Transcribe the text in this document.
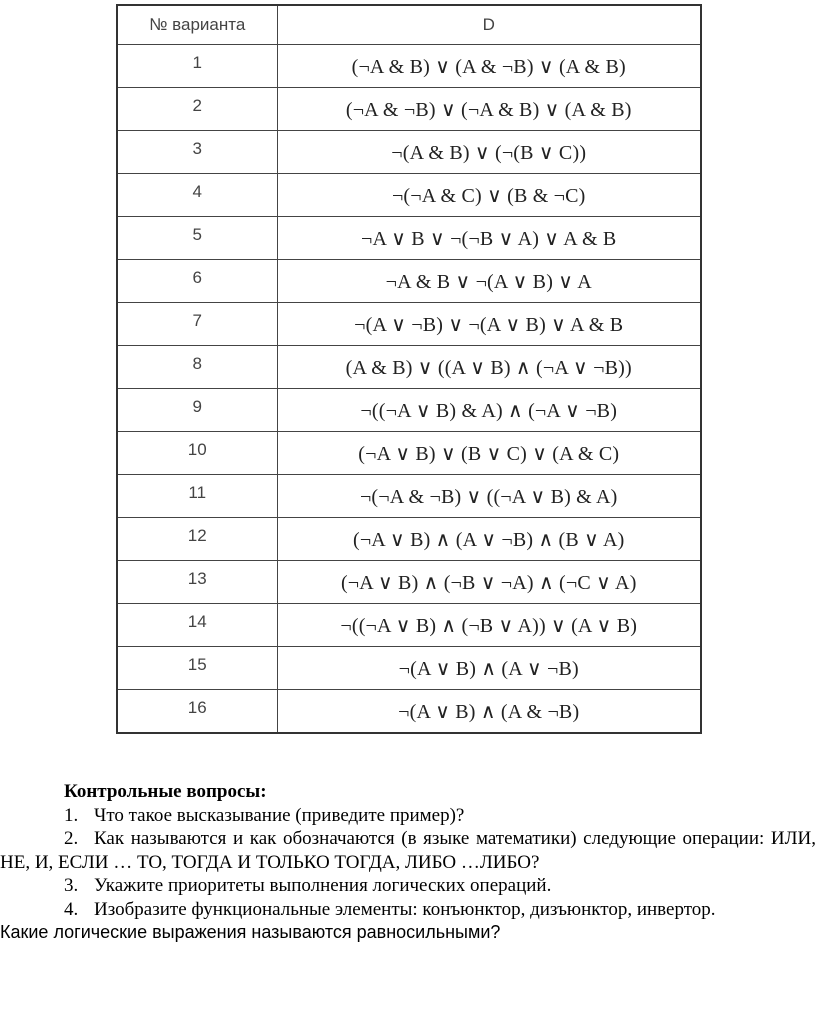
№ варианта	D
1	(¬A & B) ∨ (A & ¬B) ∨ (A & B)
2	(¬A & ¬B) ∨ (¬A & B) ∨ (A & B)
3	¬(A & B) ∨ (¬(B ∨ C))
4	¬(¬A & C) ∨ (B & ¬C)
5	¬A ∨ B ∨ ¬(¬B ∨ A) ∨ A & B
6	¬A & B ∨ ¬(A ∨ B) ∨ A
7	¬(A ∨ ¬B) ∨ ¬(A ∨ B) ∨ A & B
8	(A & B) ∨ ((A ∨ B) ∧ (¬A ∨ ¬B))
9	¬((¬A ∨ B) & A) ∧ (¬A ∨ ¬B)
10	(¬A ∨ B) ∨ (B ∨ C) ∨ (A & C)
11	¬(¬A & ¬B) ∨ ((¬A ∨ B) & A)
12	(¬A ∨ B) ∧ (A ∨ ¬B) ∧ (B ∨ A)
13	(¬A ∨ B) ∧ (¬B ∨ ¬A) ∧ (¬C ∨ A)
14	¬((¬A ∨ B) ∧ (¬B ∨ A)) ∨ (A ∨ B)
15	¬(A ∨ B) ∧ (A ∨ ¬B)
16	¬(A ∨ B) ∧ (A & ¬B)

Контрольные вопросы:

1. Что такое высказывание (приведите пример)?

2. Как называются и как обозначаются (в языке математики) следующие операции: ИЛИ, НЕ, И, ЕСЛИ … ТО, ТОГДА И ТОЛЬКО ТОГДА, ЛИБО …ЛИБО?

3. Укажите приоритеты выполнения логических операций.

4. Изобразите функциональные элементы: конъюнктор, дизъюнктор, инвертор.

Какие логические выражения называются равносильными?
